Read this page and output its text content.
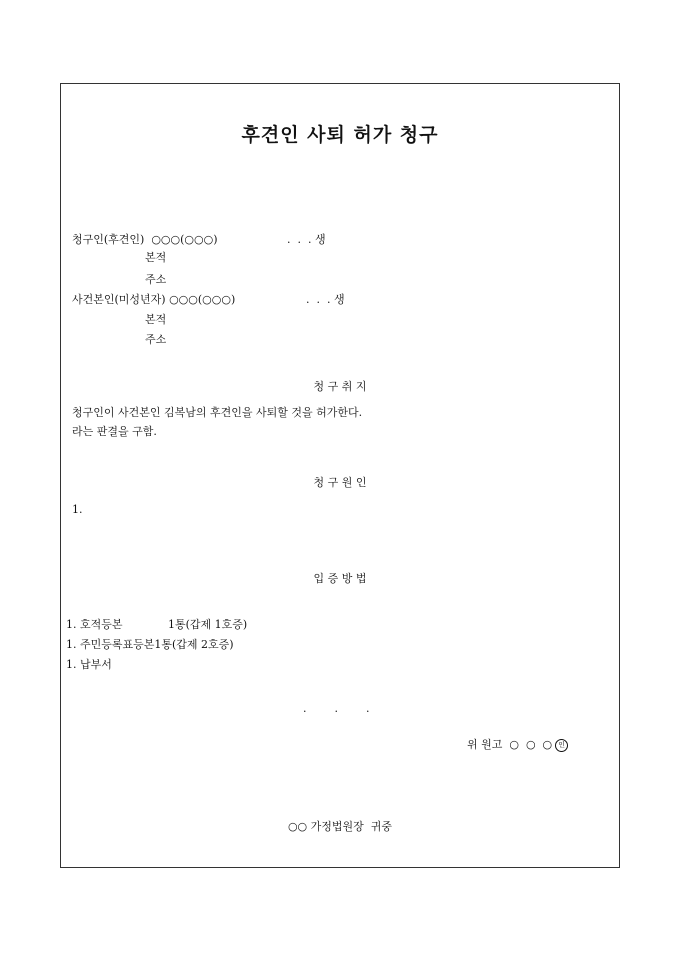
후견인 사퇴 허가 청구
청구인(후견인)  ○○○(○○○)	.  .  . 생
본적
주소
사건본인(미성년자) ○○○(○○○)	.  .  . 생
본적
주소
청 구 취 지
청구인이 사건본인 김복남의 후견인을 사퇴할 것을 허가한다.
라는 판결을 구함.
청 구 원 인
1.
입 증 방 법
1. 호적등본	1통(갑제 1호증)
1. 주민등록표등본1통(갑제 2호증)
1. 납부서
.        .        .
위 원고  ○  ○  ○ 인
○○ 가정법원장  귀중
